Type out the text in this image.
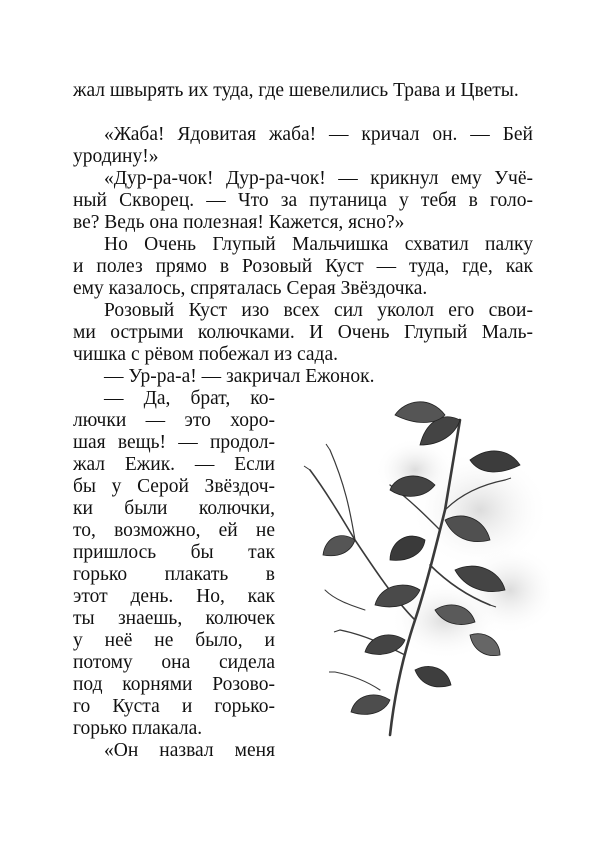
жал швырять их туда, где шевелились Трава и Цветы.
«Жаба! Ядовитая жаба! — кричал он. — Бей
уродину!»
«Дур-ра-чок! Дур-ра-чок! — крикнул ему Учё-
ный Скворец. — Что за путаница у тебя в голо-
ве? Ведь она полезная! Кажется, ясно?»
Но Очень Глупый Мальчишка схватил палку
и полез прямо в Розовый Куст — туда, где, как
ему казалось, спряталась Серая Звёздочка.
Розовый Куст изо всех сил уколол его свои-
ми острыми колючками. И Очень Глупый Маль-
чишка с рёвом побежал из сада.
— Ур-ра-а! — закричал Ежонок.
— Да, брат, ко-
лючки — это хоро-
шая вещь! — продол-
жал Ежик. — Если
бы у Серой Звёздоч-
ки были колючки,
то, возможно, ей не
пришлось бы так
горько плакать в
этот день. Но, как
ты знаешь, колючек
у неё не было, и
потому она сидела
под корнями Розово-
го Куста и горько-
горько плакала.
«Он назвал меня
